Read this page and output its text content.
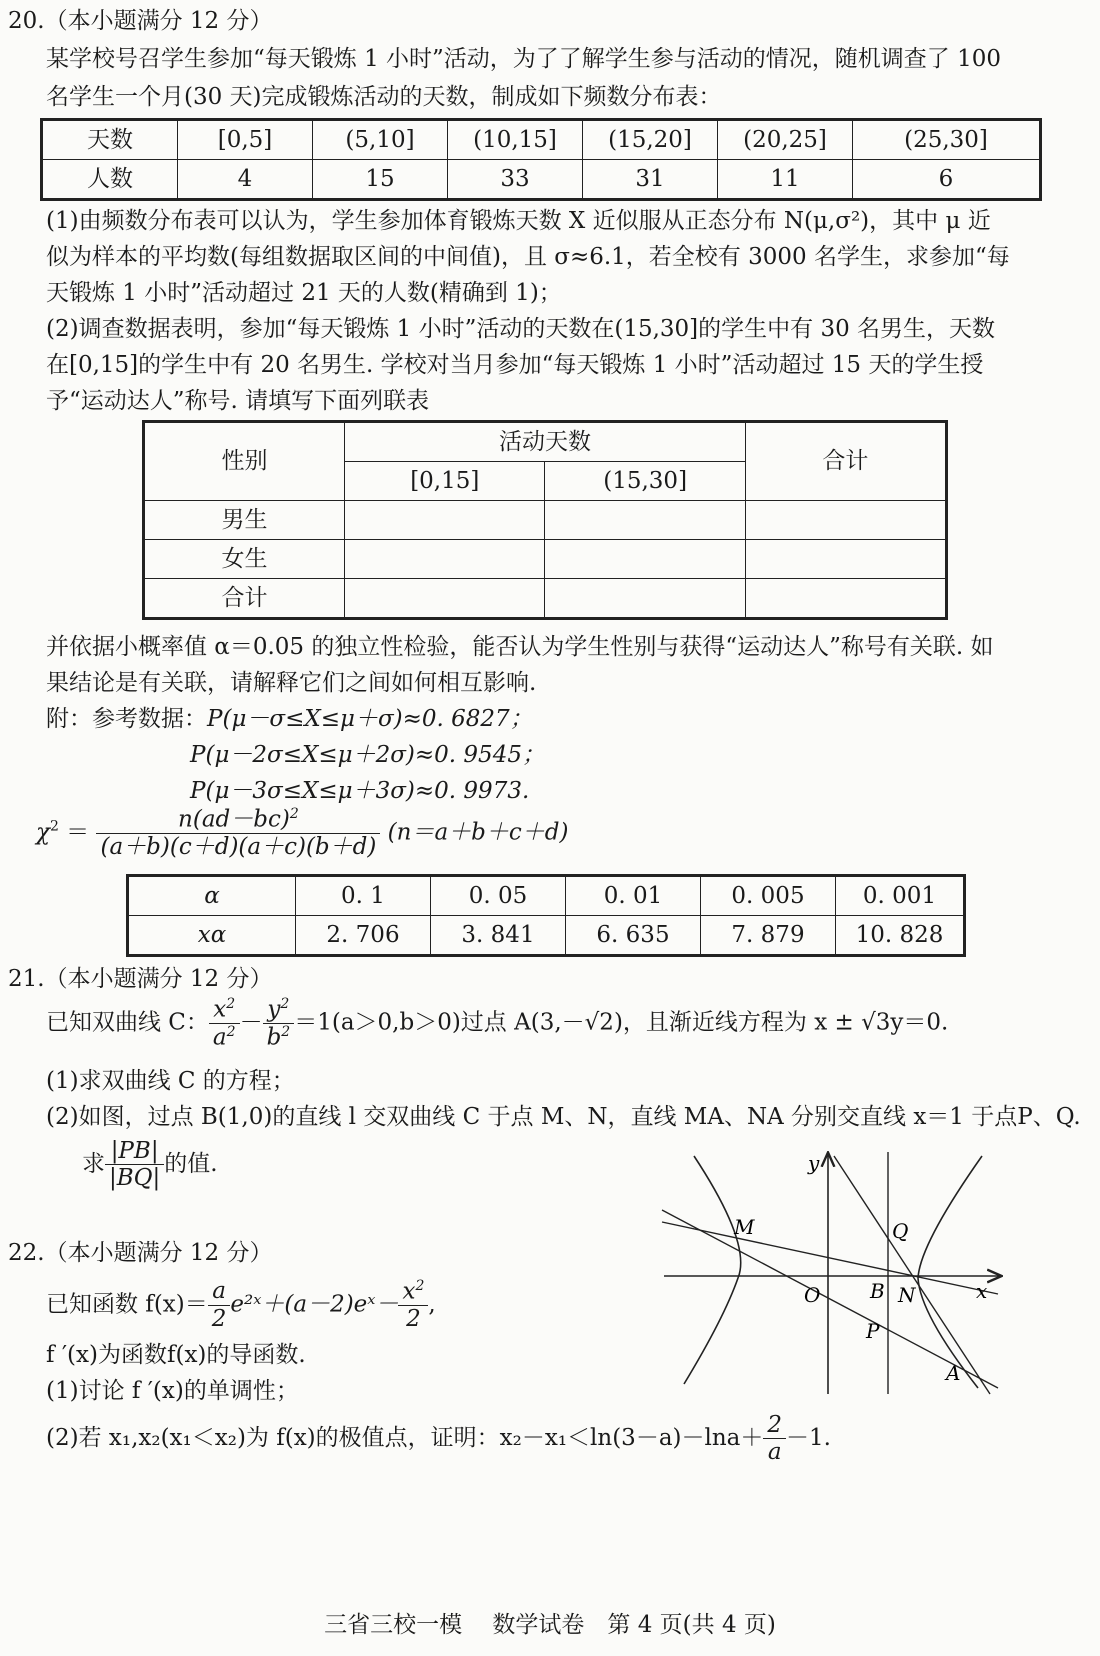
20.（本小题满分 12 分）
某学校号召学生参加“每天锻炼 1 小时”活动，为了了解学生参与活动的情况，随机调查了 100
名学生一个月(30 天)完成锻炼活动的天数，制成如下频数分布表：
天数	[0,5]	(5,10]	(10,15]	(15,20]	(20,25]	(25,30]
人数	4	15	33	31	11	6
(1)由频数分布表可以认为，学生参加体育锻炼天数 X 近似服从正态分布 N(μ,σ²)，其中 μ 近
似为样本的平均数(每组数据取区间的中间值)，且 σ≈6.1，若全校有 3000 名学生，求参加“每
天锻炼 1 小时”活动超过 21 天的人数(精确到 1)；
(2)调查数据表明，参加“每天锻炼 1 小时”活动的天数在(15,30]的学生中有 30 名男生，天数
在[0,15]的学生中有 20 名男生. 学校对当月参加“每天锻炼 1 小时”活动超过 15 天的学生授
予“运动达人”称号. 请填写下面列联表
性别	活动天数		合计
	[0,15]	(15,30]	
男生			
女生			
合计			
并依据小概率值 α＝0.05 的独立性检验，能否认为学生性别与获得“运动达人”称号有关联. 如
果结论是有关联，请解释它们之间如何相互影响.
附：参考数据：P(μ－σ≤X≤μ＋σ)≈0. 6827；
P(μ－2σ≤X≤μ＋2σ)≈0. 9545；
P(μ－3σ≤X≤μ＋3σ)≈0. 9973.
$\chi^2 = \frac{n(ad-bc)^2}{(a+b)(c+d)(a+c)(b+d)} (n=a+b+c+d)$
α	0. 1	0. 05	0. 01	0. 005	0. 001
xα	2. 706	3. 841	6. 635	7. 879	10. 828
21.（本小题满分 12 分）
已知双曲线 C： $\frac{x^2}{a^2} - \frac{y^2}{b^2} =1(a>0,b>0)$过点 A(3,－√2)，且渐近线方程为 x ± √3y＝0.
(1)求双曲线 C 的方程；
(2)如图，过点 B(1,0)的直线 l 交双曲线 C 于点 M、N，直线 MA、NA 分别交直线 x＝1 于点P、Q.
求 $\frac{|PB|}{|BQ|}$ 的值.	y
x
O
M	Q
B N
P
A
22.（本小题满分 12 分）
已知函数 $f(x)= \frac{a}{2}$ e²ˣ＋(a－2)eˣ－ $\frac{x^2}{2}$ ,
f ′(x)为函数f(x)的导函数.
(1)讨论 f ′(x)的单调性；
(2)若 x₁,x₂(x₁＜x₂)为 f(x)的极值点，证明：$x_2-x_1<\ln(3-a)-\ln a+ \frac{2}{a} -1$.
三省三校一模　 数学试卷　第 4 页(共 4 页)
